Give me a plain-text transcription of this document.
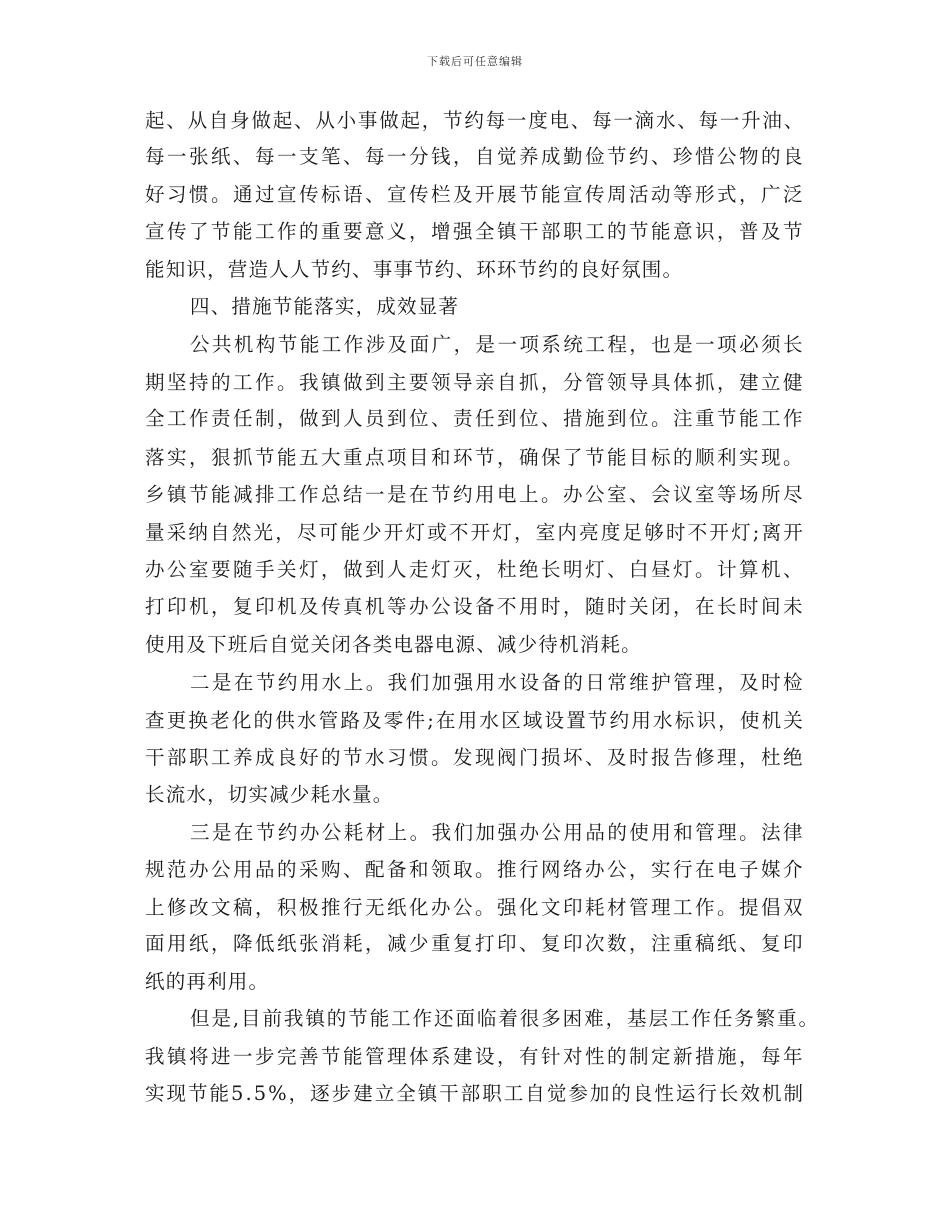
下载后可任意编辑
起、从自身做起、从小事做起，节约每一度电、每一滴水、每一升油、
每一张纸、每一支笔、每一分钱，自觉养成勤俭节约、珍惜公物的良
好习惯。通过宣传标语、宣传栏及开展节能宣传周活动等形式，广泛
宣传了节能工作的重要意义，增强全镇干部职工的节能意识，普及节
能知识，营造人人节约、事事节约、环环节约的良好氛围。
四、措施节能落实，成效显著
公共机构节能工作涉及面广，是一项系统工程，也是一项必须长
期坚持的工作。我镇做到主要领导亲自抓，分管领导具体抓，建立健
全工作责任制，做到人员到位、责任到位、措施到位。注重节能工作
落实，狠抓节能五大重点项目和环节，确保了节能目标的顺利实现。
乡镇节能减排工作总结一是在节约用电上。办公室、会议室等场所尽
量采纳自然光，尽可能少开灯或不开灯，室内亮度足够时不开灯;离开
办公室要随手关灯，做到人走灯灭，杜绝长明灯、白昼灯。计算机、
打印机，复印机及传真机等办公设备不用时，随时关闭，在长时间未
使用及下班后自觉关闭各类电器电源、减少待机消耗。
二是在节约用水上。我们加强用水设备的日常维护管理，及时检
查更换老化的供水管路及零件;在用水区域设置节约用水标识，使机关
干部职工养成良好的节水习惯。发现阀门损坏、及时报告修理，杜绝
长流水，切实减少耗水量。
三是在节约办公耗材上。我们加强办公用品的使用和管理。法律
规范办公用品的采购、配备和领取。推行网络办公，实行在电子媒介
上修改文稿，积极推行无纸化办公。强化文印耗材管理工作。提倡双
面用纸，降低纸张消耗，减少重复打印、复印次数，注重稿纸、复印
纸的再利用。
但是,目前我镇的节能工作还面临着很多困难，基层工作任务繁重。
我镇将进一步完善节能管理体系建设，有针对性的制定新措施，每年
实现节能5.5%，逐步建立全镇干部职工自觉参加的良性运行长效机制
